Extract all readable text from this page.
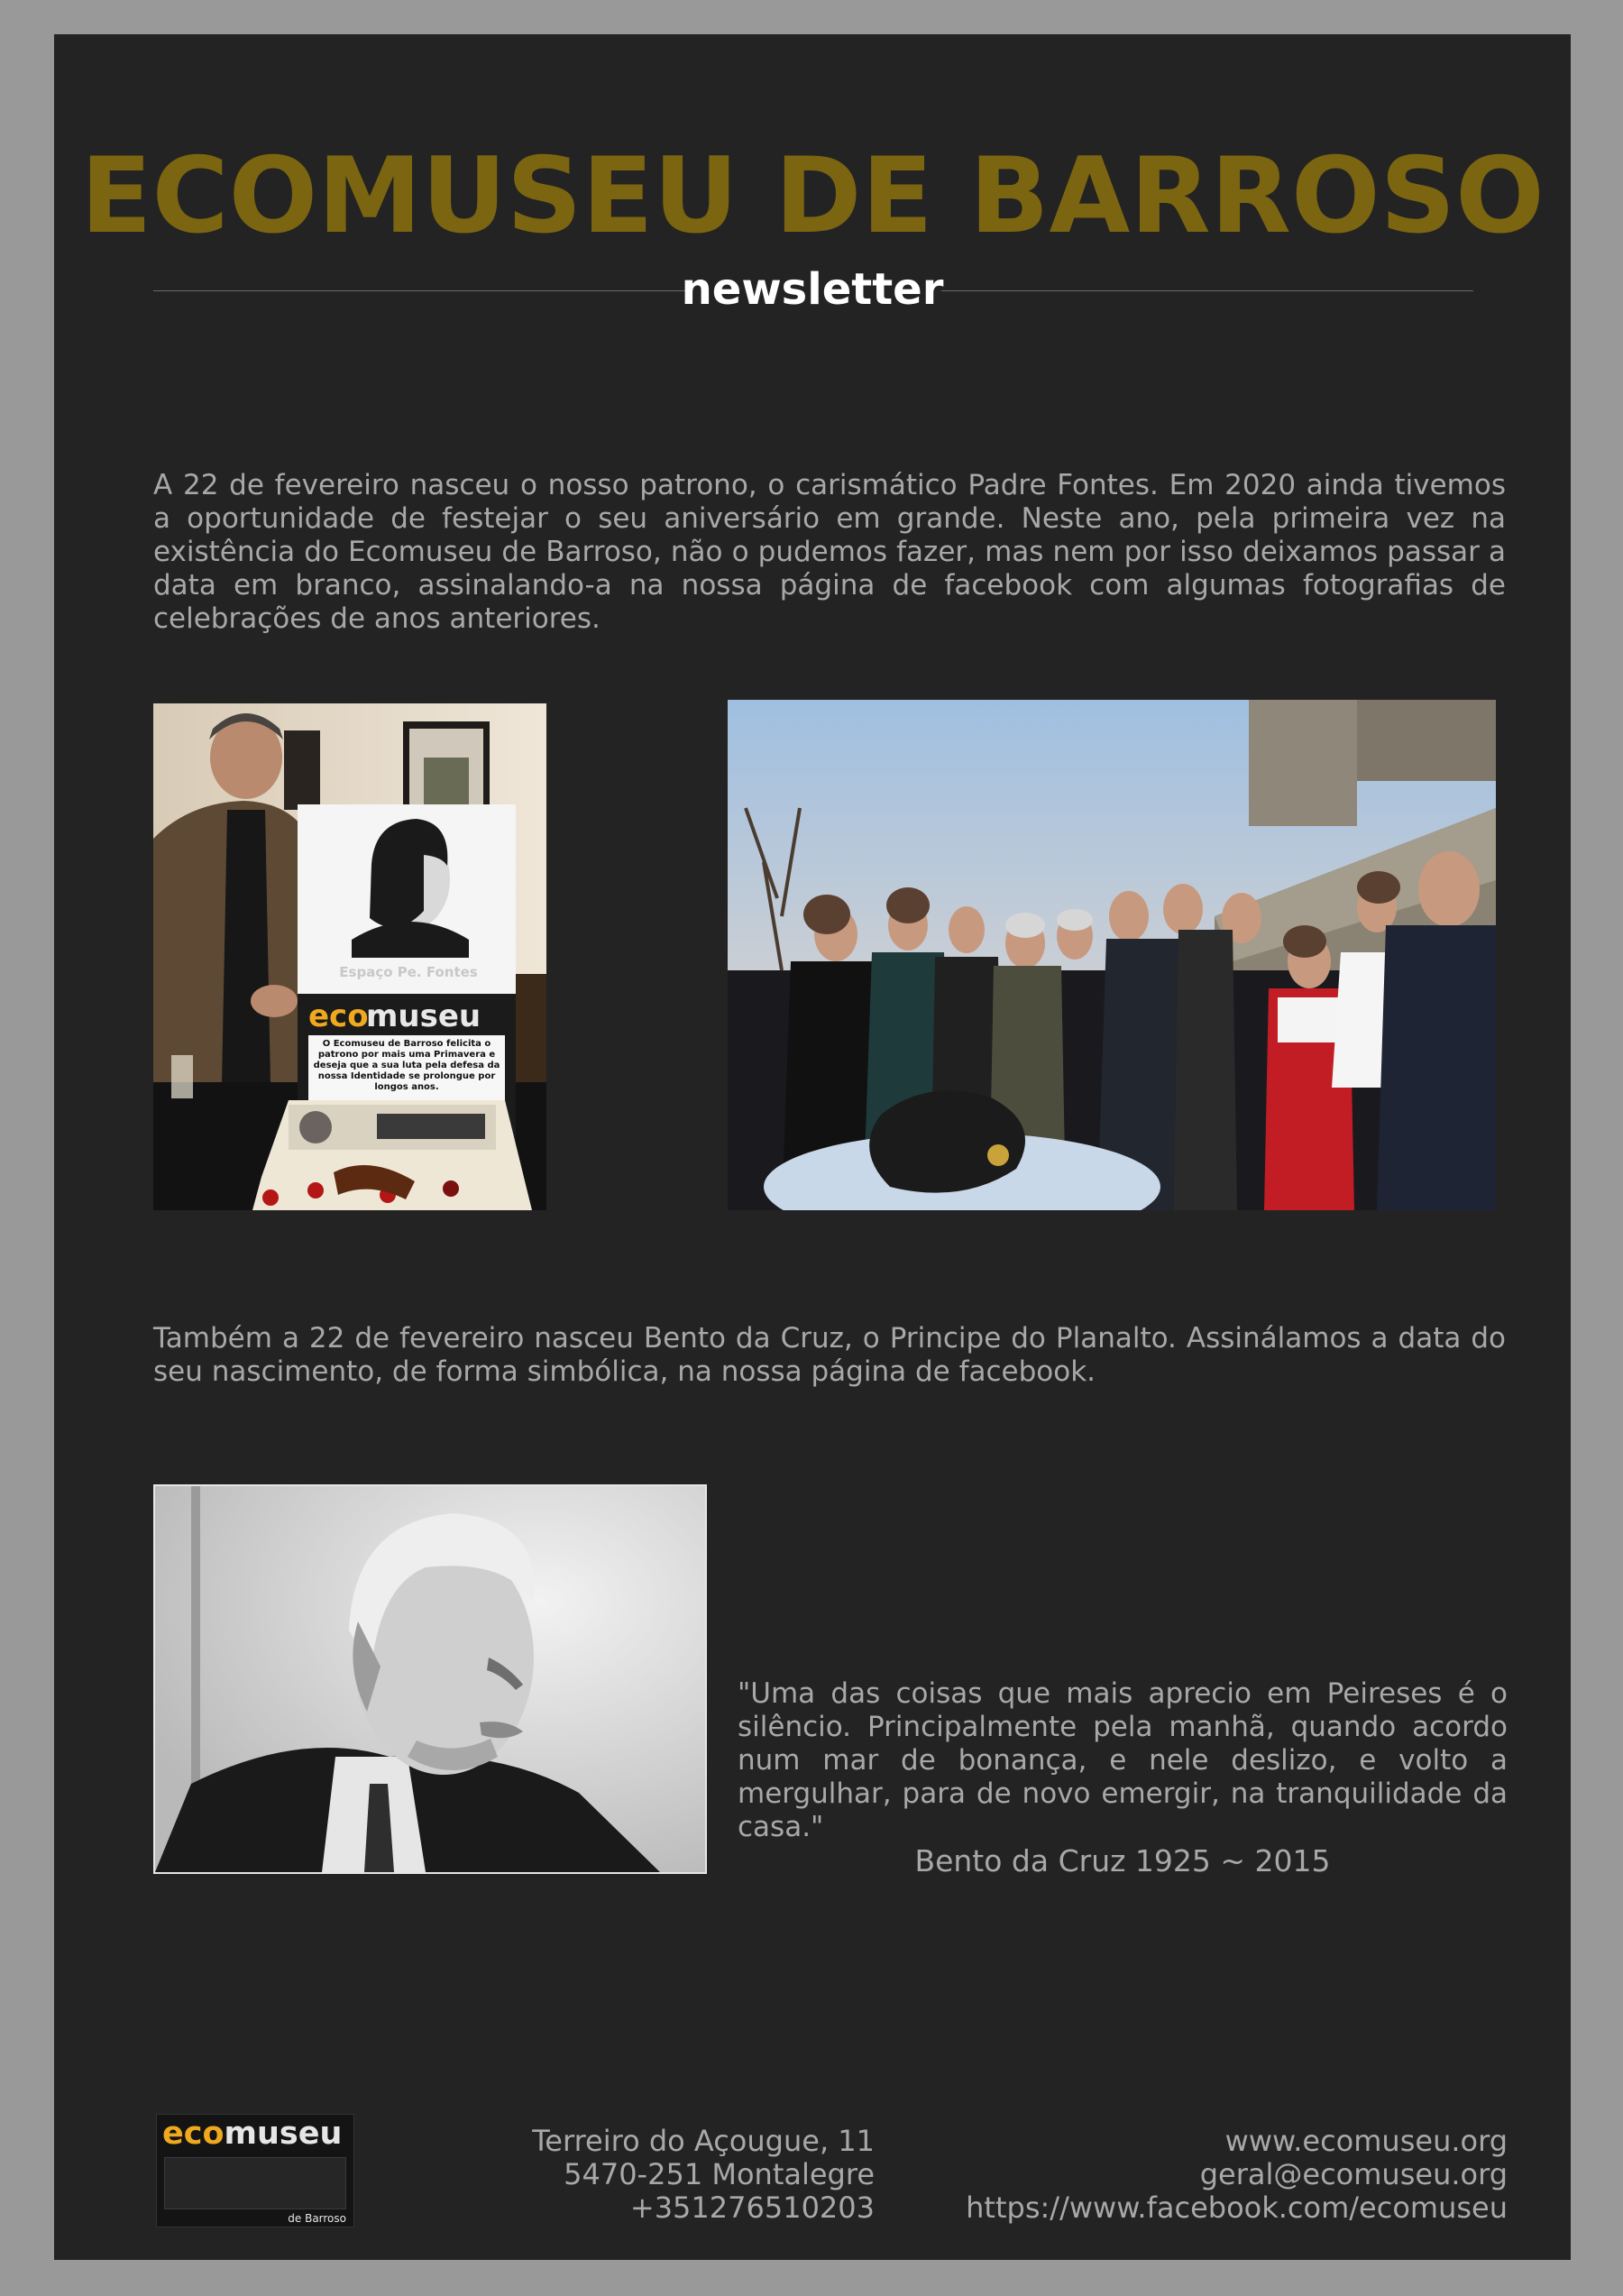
ECOMUSEU DE BARROSO
newsletter
A 22 de fevereiro nasceu o nosso patrono, o carismático Padre Fontes. Em 2020 ainda tivemos a oportunidade de festejar o seu aniversário em grande. Neste ano, pela primeira vez na existência do Ecomuseu de Barroso, não o pudemos fazer, mas nem por isso deixamos passar a data em branco, assinalando-a na nossa página de facebook com algumas fotografias de celebrações de anos anteriores.
Espaço Pe. Fontes
eco
museu
O Ecomuseu de Barroso felicita o patrono por mais uma Primavera e deseja que a sua luta pela defesa da nossa Identidade se prolongue por longos anos.
Também a 22 de fevereiro nasceu Bento da Cruz, o Principe do Planalto. Assinálamos a data do seu nascimento, de forma simbólica, na nossa página de facebook.
"Uma das coisas que mais aprecio em Peireses é o silêncio. Principalmente pela manhã, quando acordo num mar de bonança, e nele deslizo, e volto a mergulhar, para de novo emergir, na tranquilidade da casa."
Bento da Cruz 1925 ~ 2015
ecomuseu
de Barroso
Terreiro do Açougue, 11
5470-251 Montalegre
+351276510203
www.ecomuseu.org
geral@ecomuseu.org
https://www.facebook.com/ecomuseu
